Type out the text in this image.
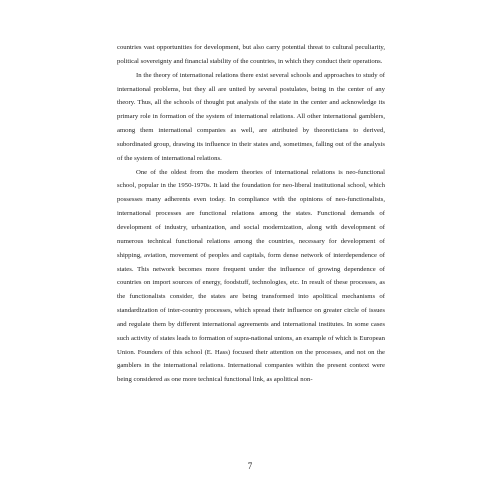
countries vast opportunities for development, but also carry potential threat to cultural peculiarity, political sovereignty and financial stability of the countries, in which they conduct their operations.

In the theory of international relations there exist several schools and approaches to study of international problems, but they all are united by several postulates, being in the center of any theory. Thus, all the schools of thought put analysis of the state in the center and acknowledge its primary role in formation of the system of international relations. All other international gamblers, among them international companies as well, are attributed by theoreticians to derived, subordinated group, drawing its influence in their states and, sometimes, falling out of the analysis of the system of international relations.

One of the oldest from the modern theories of international relations is neo-functional school, popular in the 1950-1970s. It laid the foundation for neo-liberal institutional school, which possesses many adherents even today. In compliance with the opinions of neo-functionalists, international processes are functional relations among the states. Functional demands of development of industry, urbanization, and social modernization, along with development of numerous technical functional relations among the countries, necessary for development of shipping, aviation, movement of peoples and capitals, form dense network of interdependence of states. This network becomes more frequent under the influence of growing dependence of countries on import sources of energy, foodstuff, technologies, etc. In result of these processes, as the functionalists consider, the states are being transformed into apolitical mechanisms of standardization of inter-country processes, which spread their influence on greater circle of issues and regulate them by different international agreements and international institutes. In some cases such activity of states leads to formation of supra-national unions, an example of which is European Union. Founders of this school (E. Hass) focused their attention on the processes, and not on the gamblers in the international relations. International companies within the present context were being considered as one more technical functional link, as apolitical non-

7
